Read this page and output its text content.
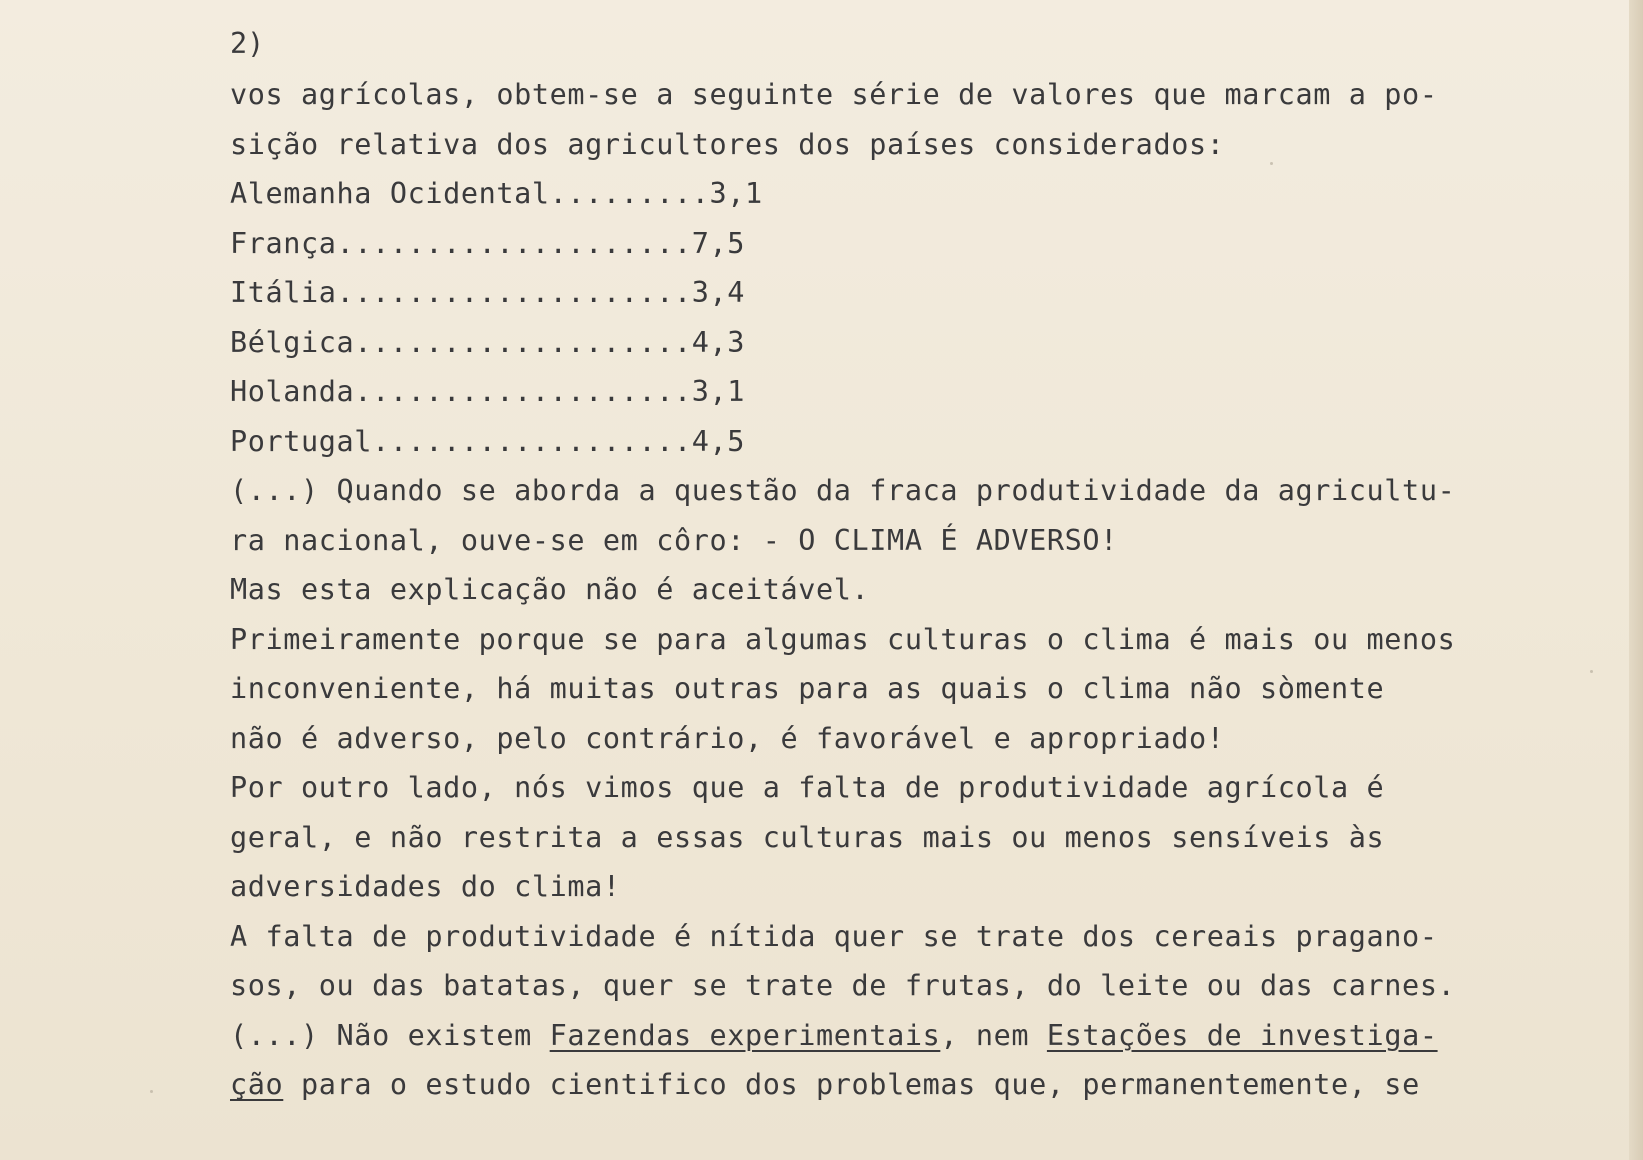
2)
vos agrícolas, obtem-se a seguinte série de valores que marcam a po-
sição relativa dos agricultores dos países considerados:
Alemanha Ocidental.........3,1
França....................7,5
Itália....................3,4
Bélgica...................4,3
Holanda...................3,1
Portugal..................4,5
(...) Quando se aborda a questão da fraca produtividade da agricultu-
ra nacional, ouve-se em côro: - O CLIMA É ADVERSO!
Mas esta explicação não é aceitável.
Primeiramente porque se para algumas culturas o clima é mais ou menos
inconveniente, há muitas outras para as quais o clima não sòmente
não é adverso, pelo contrário, é favorável e apropriado!
Por outro lado, nós vimos que a falta de produtividade agrícola é
geral, e não restrita a essas culturas mais ou menos sensíveis às
adversidades do clima!
A falta de produtividade é nítida quer se trate dos cereais pragano-
sos, ou das batatas, quer se trate de frutas, do leite ou das carnes.
(...) Não existem Fazendas experimentais, nem Estações de investiga-
ção para o estudo cientifico dos problemas que, permanentemente, se
